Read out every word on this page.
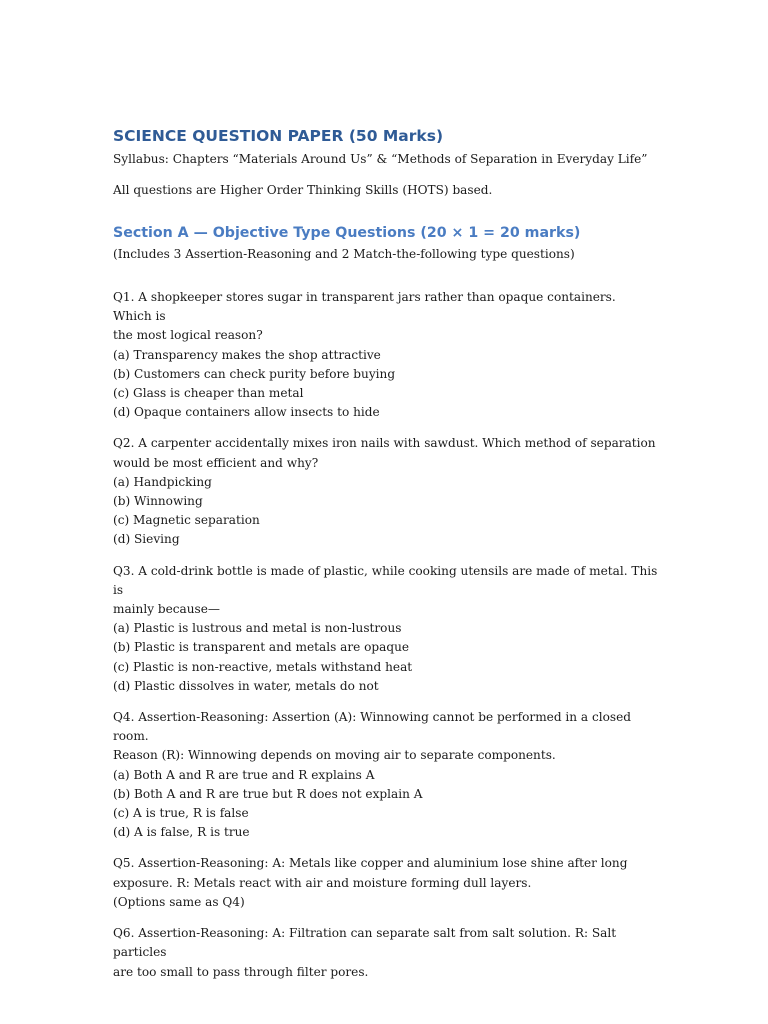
SCIENCE QUESTION PAPER (50 Marks)

Syllabus: Chapters “Materials Around Us” & “Methods of Separation in Everyday Life”

All questions are Higher Order Thinking Skills (HOTS) based.

Section A — Objective Type Questions (20 × 1 = 20 marks)

(Includes 3 Assertion-Reasoning and 2 Match-the-following type questions)

Q1. A shopkeeper stores sugar in transparent jars rather than opaque containers. Which is

the most logical reason?

(a) Transparency makes the shop attractive

(b) Customers can check purity before buying

(c) Glass is cheaper than metal

(d) Opaque containers allow insects to hide

Q2. A carpenter accidentally mixes iron nails with sawdust. Which method of separation

would be most efficient and why?

(a) Handpicking

(b) Winnowing

(c) Magnetic separation

(d) Sieving

Q3. A cold-drink bottle is made of plastic, while cooking utensils are made of metal. This is

mainly because—

(a) Plastic is lustrous and metal is non-lustrous

(b) Plastic is transparent and metals are opaque

(c) Plastic is non-reactive, metals withstand heat

(d) Plastic dissolves in water, metals do not

Q4. Assertion-Reasoning: Assertion (A): Winnowing cannot be performed in a closed room.

Reason (R): Winnowing depends on moving air to separate components.

(a) Both A and R are true and R explains A

(b) Both A and R are true but R does not explain A

(c) A is true, R is false

(d) A is false, R is true

Q5. Assertion-Reasoning: A: Metals like copper and aluminium lose shine after long

exposure. R: Metals react with air and moisture forming dull layers.

(Options same as Q4)

Q6. Assertion-Reasoning: A: Filtration can separate salt from salt solution. R: Salt particles

are too small to pass through filter pores.
